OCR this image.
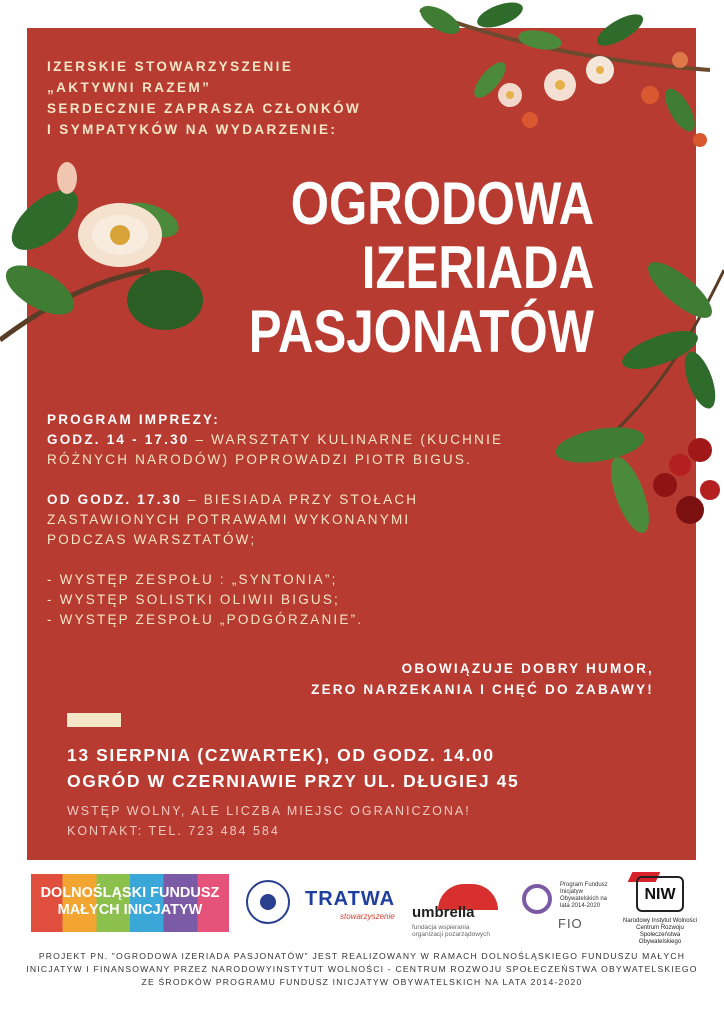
IZERSKIE STOWARZYSZENIE
„AKTYWNI RAZEM”
SERDECZNIE ZAPRASZA CZŁONKÓW
I SYMPATYKÓW NA WYDARZENIE:
OGRODOWA
IZERIADA
PASJONATÓW
PROGRAM IMPREZY:
GODZ. 14 - 17.30 – WARSZTATY KULINARNE (KUCHNIE
RÓŻNYCH NARODÓW) POPROWADZI PIOTR BIGUS.
OD GODZ. 17.30 – BIESIADA PRZY STOŁACH
ZASTAWIONYCH POTRAWAMI WYKONANYMI
PODCZAS WARSZTATÓW;
- WYSTĘP ZESPOŁU : „SYNTONIA”;
- WYSTĘP SOLISTKI OLIWII BIGUS;
- WYSTĘP ZESPOŁU „PODGÓRZANIE”.
OBOWIĄZUJE DOBRY HUMOR,
ZERO NARZEKANIA I CHĘĆ DO ZABAWY!
13 SIERPNIA (CZWARTEK), OD GODZ. 14.00
OGRÓD W CZERNIAWIE PRZY UL. DŁUGIEJ 45
WSTĘP WOLNY, ALE LICZBA MIEJSC OGRANICZONA!
KONTAKT: TEL. 723 484 584
DOLNOŚLĄSKI FUNDUSZ
MAŁYCH INICJATYW	TRATWA
stowarzyszenie umbrella
fundacja wspierania organizacji pozarządowych
Program Fundusz Inicjatyw Obywatelskich na lata 2014-2020
FIO
NIW
Narodowy Instytut Wolności Centrum Rozwoju Społeczeństwa Obywatelskiego
PROJEKT PN. "OGRODOWA IZERIADA PASJONATÓW" JEST REALIZOWANY W RAMACH DOLNOŚLĄSKIEGO FUNDUSZU MAŁYCH INICJATYW I FINANSOWANY PRZEZ NARODOWYINSTYTUT WOLNOŚCI - CENTRUM ROZWOJU SPOŁECZEŃSTWA OBYWATELSKIEGO ZE ŚRODKÓW PROGRAMU FUNDUSZ INICJATYW OBYWATELSKICH NA LATA 2014-2020
